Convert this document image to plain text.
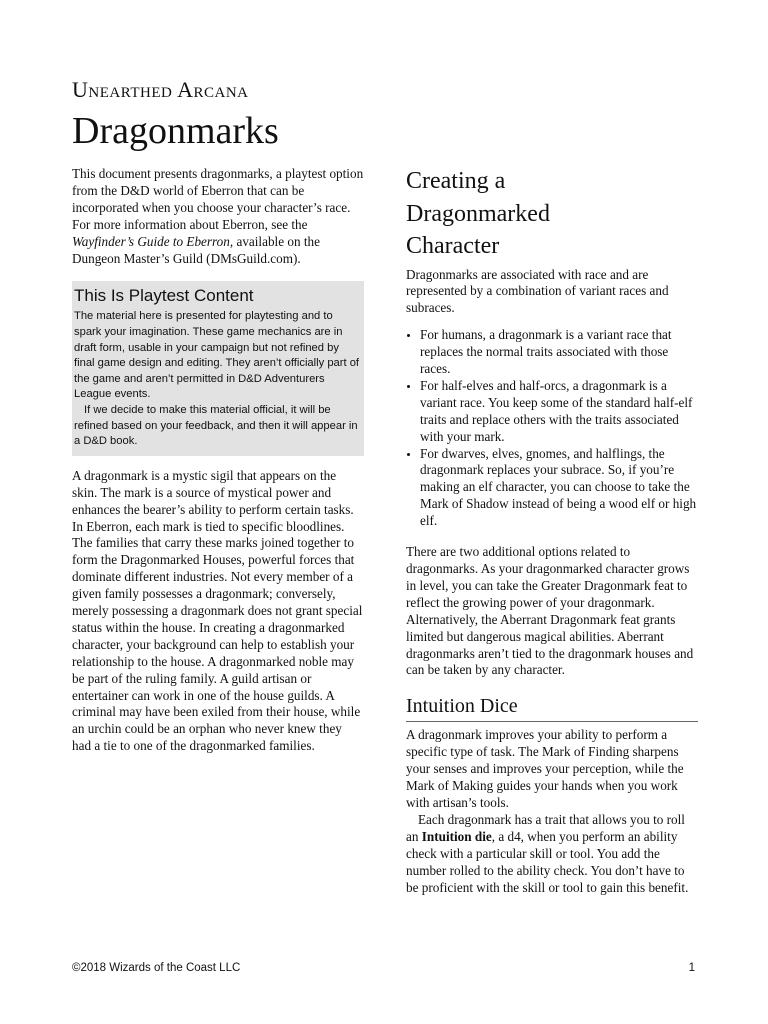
Unearthed Arcana
Dragonmarks

This document presents dragonmarks, a playtest option from the D&D world of Eberron that can be incorporated when you choose your character’s race. For more information about Eberron, see the Wayfinder’s Guide to Eberron, available on the Dungeon Master’s Guild (DMsGuild.com).

This Is Playtest Content

The material here is presented for playtesting and to spark your imagination. These game mechanics are in draft form, usable in your campaign but not refined by final game design and editing. They aren’t officially part of the game and aren’t permitted in D&D Adventurers League events.

If we decide to make this material official, it will be refined based on your feedback, and then it will appear in a D&D book.

A dragonmark is a mystic sigil that appears on the skin. The mark is a source of mystical power and enhances the bearer’s ability to perform certain tasks. In Eberron, each mark is tied to specific bloodlines. The families that carry these marks joined together to form the Dragonmarked Houses, powerful forces that dominate different industries. Not every member of a given family possesses a dragonmark; conversely, merely possessing a dragonmark does not grant special status within the house. In creating a dragonmarked character, your background can help to establish your relationship to the house. A dragonmarked noble may be part of the ruling family. A guild artisan or entertainer can work in one of the house guilds. A criminal may have been exiled from their house, while an urchin could be an orphan who never knew they had a tie to one of the dragonmarked families.

Creating a
Dragonmarked
Character

Dragonmarks are associated with race and are represented by a combination of variant races and subraces.

• For humans, a dragonmark is a variant race that replaces the normal traits associated with those races.
• For half-elves and half-orcs, a dragonmark is a variant race. You keep some of the standard half-elf traits and replace others with the traits associated with your mark.
• For dwarves, elves, gnomes, and halflings, the dragonmark replaces your subrace. So, if you’re making an elf character, you can choose to take the Mark of Shadow instead of being a wood elf or high elf.

There are two additional options related to dragonmarks. As your dragonmarked character grows in level, you can take the Greater Dragonmark feat to reflect the growing power of your dragonmark. Alternatively, the Aberrant Dragonmark feat grants limited but dangerous magical abilities. Aberrant dragonmarks aren’t tied to the dragonmark houses and can be taken by any character.

Intuition Dice

A dragonmark improves your ability to perform a specific type of task. The Mark of Finding sharpens your senses and improves your perception, while the Mark of Making guides your hands when you work with artisan’s tools.

Each dragonmark has a trait that allows you to roll an Intuition die, a d4, when you perform an ability check with a particular skill or tool. You add the number rolled to the ability check. You don’t have to be proficient with the skill or tool to gain this benefit.

©2018 Wizards of the Coast LLC	1
